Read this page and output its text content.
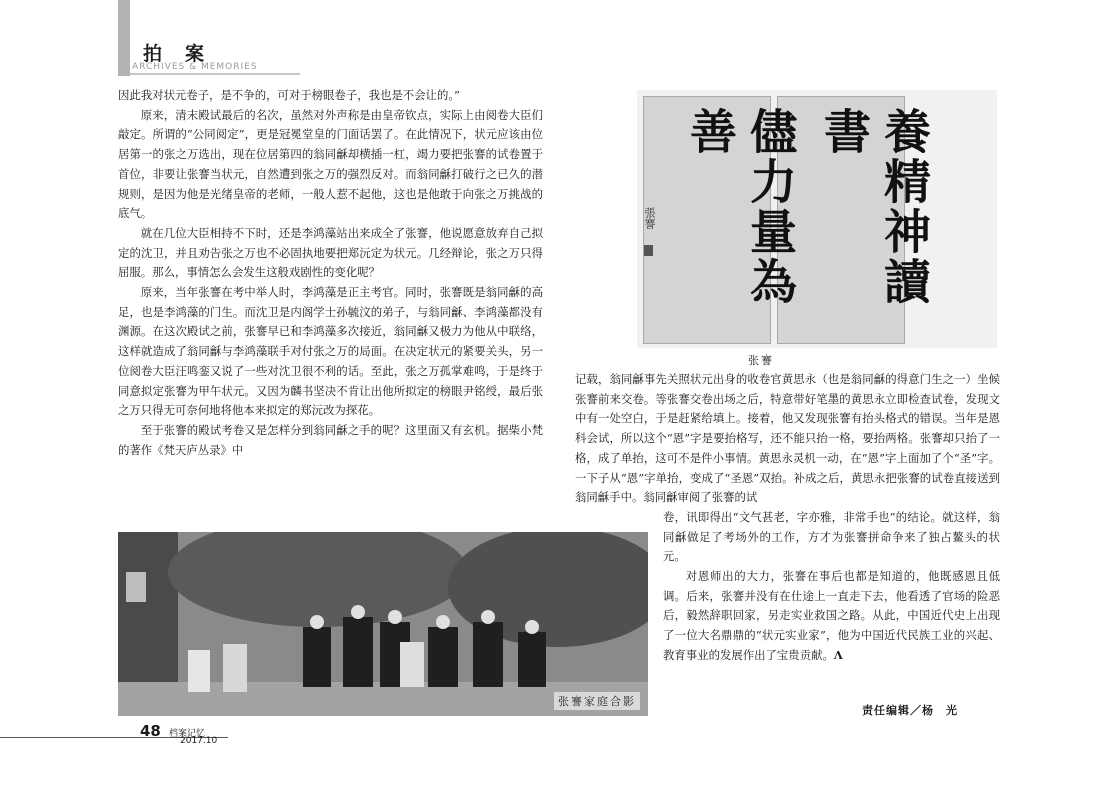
拍　案
ARCHIVES & MEMORIES

因此我对状元卷子，是不争的，可对于榜眼卷子，我也是不会让的。”

原来，清末殿试最后的名次，虽然对外声称是由皇帝钦点，实际上由阅卷大臣们敲定。所谓的“公同阅定”，更是冠冕堂皇的门面话罢了。在此情况下，状元应该由位居第一的张之万选出，现在位居第四的翁同龢却横插一杠，竭力要把张謇的试卷置于首位，非要让张謇当状元，自然遭到张之万的强烈反对。而翁同龢打破行之已久的潜规则，是因为他是光绪皇帝的老师，一般人惹不起他，这也是他敢于向张之万挑战的底气。

就在几位大臣相持不下时，还是李鸿藻站出来成全了张謇，他说愿意放弃自己拟定的沈卫，并且劝告张之万也不必固执地要把郑沅定为状元。几经辩论，张之万只得屈服。那么，事情怎么会发生这般戏剧性的变化呢？

原来，当年张謇在考中举人时，李鸿藻是正主考官。同时，张謇既是翁同龢的高足，也是李鸿藻的门生。而沈卫是内阁学士孙毓汶的弟子，与翁同龢、李鸿藻都没有渊源。在这次殿试之前，张謇早已和李鸿藻多次接近，翁同龢又极力为他从中联络，这样就造成了翁同龢与李鸿藻联手对付张之万的局面。在决定状元的紧要关头，另一位阅卷大臣汪鸣銮又说了一些对沈卫很不利的话。至此，张之万孤掌难鸣，于是终于同意拟定张謇为甲午状元。又因为麟书坚决不肯让出他所拟定的榜眼尹铭绶，最后张之万只得无可奈何地将他本来拟定的郑沅改为探花。

至于张謇的殿试考卷又是怎样分到翁同龢之手的呢？这里面又有玄机。据柴小梵的著作《梵天庐丛录》中

養精神讀書
儘力量為善
張謇
张謇

记载，翁同龢事先关照状元出身的收卷官黄思永（也是翁同龢的得意门生之一）坐候张謇前来交卷。等张謇交卷出场之后，特意带好笔墨的黄思永立即检查试卷，发现文中有一处空白，于是赶紧给填上。接着，他又发现张謇有抬头格式的错误。当年是恩科会试，所以这个“恩”字是要抬格写，还不能只抬一格，要抬两格。张謇却只抬了一格，成了单抬，这可不是件小事情。黄思永灵机一动，在“恩”字上面加了个“圣”字。一下子从“恩”字单抬，变成了“圣恩”双抬。补成之后，黄思永把张謇的试卷直接送到翁同龢手中。翁同龢审阅了张謇的试

卷，讯即得出“文气甚老，字亦雅，非常手也”的结论。就这样，翁同龢做足了考场外的工作，方才为张謇拼命争来了独占鳌头的状元。

对恩师出的大力，张謇在事后也都是知道的，他既感恩且低调。后来，张謇并没有在仕途上一直走下去，他看透了官场的险恶后，毅然辞职回家，另走实业救国之路。从此，中国近代史上出现了一位大名鼎鼎的“状元实业家”，他为中国近代民族工业的兴起、教育事业的发展作出了宝贵贡献。Λ

张謇家庭合影
责任编辑／杨　光
48 档案记忆
2017.10
